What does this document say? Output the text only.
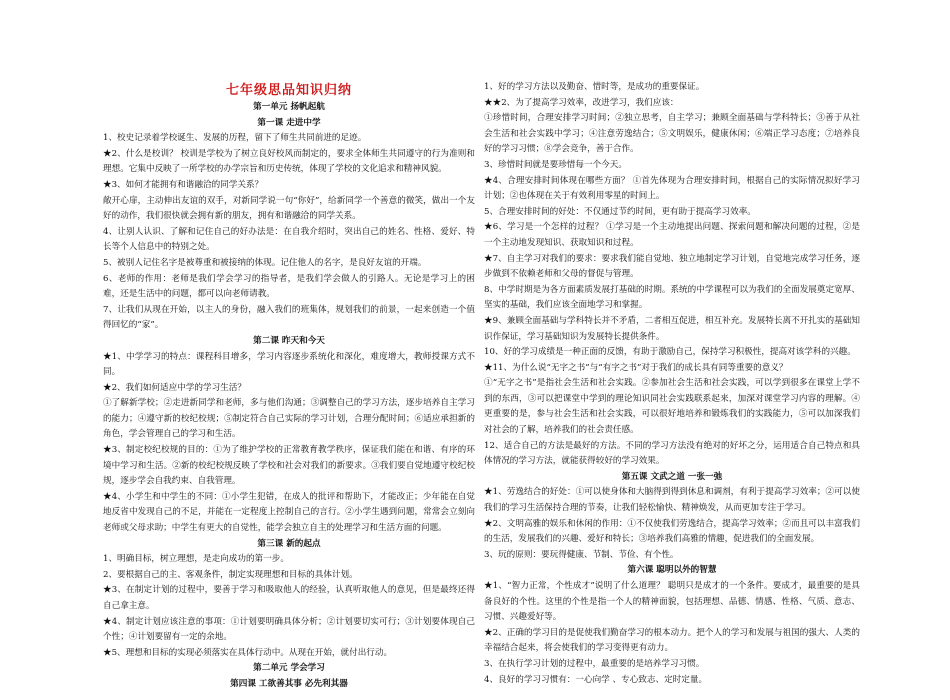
七年级思品知识归纳
第一单元 扬帆起航
第一课 走进中学
1、校史记录着学校诞生、发展的历程，留下了师生共同前进的足迹。
★2、什么是校训？ 校训是学校为了树立良好校风而制定的，要求全体师生共同遵守的行为准则和理想。它集中反映了一所学校的办学宗旨和历史传统，体现了学校的文化追求和精神风貌。
★3、如何才能拥有和谐融洽的同学关系？
敞开心扉，主动伸出友谊的双手，对新同学说一句“你好”，给新同学一个善意的微笑，做出一个友好的动作，我们很快就会拥有新的朋友，拥有和谐融洽的同学关系。
4、让别人认识、了解和记住自己的好办法是：在自我介绍时，突出自己的姓名、性格、爱好、特长等个人信息中的特别之处。
5、被别人记住名字是被尊重和被接纳的体现。记住他人的名字，是良好友谊的开端。
6、老师的作用：老师是我们学会学习的指导者，是我们学会做人的引路人。无论是学习上的困难，还是生活中的问题，都可以向老师请教。
7、让我们从现在开始，以主人的身份，融入我们的班集体，规划我们的前景，一起来创造一个值得回忆的“家”。
第二课 昨天和今天
★1、中学学习的特点：课程科目增多，学习内容逐步系统化和深化，难度增大，教师授课方式不同。
★2、我们如何适应中学的学习生活？
①了解新学校；②走进新同学和老师，多与他们沟通；③调整自己的学习方法，逐步培养自主学习的能力；④遵守新的校纪校规；⑤制定符合自己实际的学习计划，合理分配时间；⑥适应承担新的角色，学会管理自己的学习和生活。
★3、制定校纪校规的目的：①为了维护学校的正常教育教学秩序，保证我们能在和谐、有序的环境中学习和生活。②新的校纪校规反映了学校和社会对我们的新要求。③我们要自觉地遵守校纪校规，逐步学会自我约束、自我管理。
★4、小学生和中学生的不同：①小学生犯错，在成人的批评和帮助下，才能改正；少年能在自觉地反省中发现自己的不足，并能在一定程度上控制自己的言行。②小学生遇到问题，常常会立刻向老师或父母求助；中学生有更大的自觉性，能学会独立自主的处理学习和生活方面的问题。
第三课 新的起点
1、明确目标，树立理想，是走向成功的第一步。
2、要根据自己的主、客观条件，制定实现理想和目标的具体计划。
★3、在制定计划的过程中，要善于学习和吸取他人的经验，认真听取他人的意见，但是最终还得自己拿主意。
★4、制定计划应该注意的事项：①计划要明确具体分析；②计划要切实可行；③计划要体现自己个性；④计划要留有一定的余地。
★5、理想和目标的实现必须落实在具体行动中。从现在开始，就付出行动。
第二单元 学会学习
第四课 工欲善其事 必先利其器
1、好的学习方法以及勤奋、惜时等，是成功的重要保证。
★★2、为了提高学习效率，改进学习，我们应该：
①珍惜时间，合理安排学习时间；②独立思考，自主学习；兼顾全面基础与学科特长；③善于从社会生活和社会实践中学习；④注意劳逸结合；⑤文明娱乐，健康休闲；⑥端正学习态度；⑦培养良好的学习习惯；⑧学会竞争，善于合作。
3、珍惜时间就是要珍惜每一个今天。
★4、合理安排时间体现在哪些方面？ ①首先体现为合理安排时间，根据自己的实际情况拟好学习计划；②也体现在关于有效利用零星的时间上。
5、合理安排时间的好处：不仅通过节约时间，更有助于提高学习效率。
★6、学习是一个怎样的过程？ ①学习是一个主动地提出问题、探索问题和解决问题的过程，②是一个主动地发现知识、获取知识和过程。
★7、自主学习对我们的要求：要求我们能自觉地、独立地制定学习计划，自觉地完成学习任务，逐步做到不依赖老师和父母的督促与管理。
8、中学时期是为各方面素质发展打基础的时期。系统的中学课程可以为我们的全面发展奠定宽厚、坚实的基础，我们应该全面地学习和掌握。
★9、兼顾全面基础与学科特长并不矛盾，二者相互促进，相互补充。发展特长离不开扎实的基础知识作保证，学习基础知识为发展特长提供条件。
10、好的学习成绩是一种正面的反馈，有助于激励自己，保持学习积极性，提高对该学科的兴趣。
★11、为什么说“无字之书”与“有字之书”对于我们的成长具有同等重要的意义？
①“无字之书”是指社会生活和社会实践。②参加社会生活和社会实践，可以学到很多在课堂上学不到的东西，③可以把课堂中学到的理论知识同社会实践联系起来，加深对课堂学习内容的理解。④更重要的是，参与社会生活和社会实践，可以很好地培养和锻炼我们的实践能力，⑤可以加深我们对社会的了解，培养我们的社会责任感。
12、适合自己的方法是最好的方法。不同的学习方法没有绝对的好坏之分，运用适合自己特点和具体情况的学习方法，就能获得较好的学习效果。
第五课 文武之道 一张一弛
★1、劳逸结合的好处：①可以使身体和大脑得到得到休息和调剂，有利于提高学习效率；②可以使我们的学习生活保持合理的节奏，让我们轻松愉快、精神焕发，从而更加专注于学习。
★2、文明高雅的娱乐和休闲的作用：①不仅使我们劳逸结合，提高学习效率；②而且可以丰富我们的生活，发展我们的兴趣、爱好和特长；③培养我们高雅的情趣，促进我们的全面发展。
3、玩的原则：要玩得健康、节制、节俭、有个性。
第六课 聪明以外的智慧
★1、“智力正常，个性成才”说明了什么道理？ 聪明只是成才的一个条件。要成才，最重要的是具备良好的个性。这里的个性是指一个人的精神面貌，包括理想、品德、情感、性格、气质、意志、习惯、兴趣爱好等。
★2、正确的学习目的是促使我们勤奋学习的根本动力。把个人的学习和发展与祖国的强大、人类的幸福结合起来，将会使我们的学习变得更有动力。
3、在执行学习计划的过程中，最重要的是培养学习习惯。
4、良好的学习习惯有：一心向学 、专心致志、定时定量。
